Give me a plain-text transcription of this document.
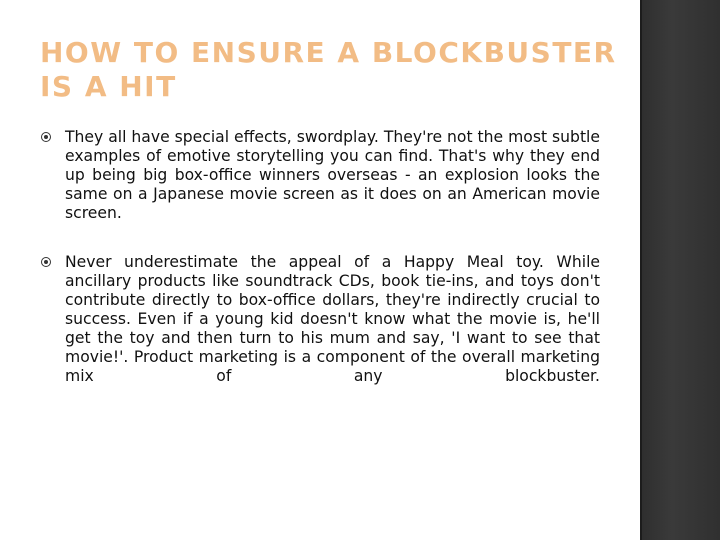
HOW TO ENSURE A BLOCKBUSTER IS A HIT
They all have special effects, swordplay. They're not the most subtle examples of emotive storytelling you can find. That's why they end up being big box-office winners overseas - an explosion looks the same on a Japanese movie screen as it does on an American movie screen.
Never underestimate the appeal of a Happy Meal toy. While ancillary products like soundtrack CDs, book tie-ins, and toys don't contribute directly to box-office dollars, they're indirectly crucial to success. Even if a young kid doesn't know what the movie is, he'll get the toy and then turn to his mum and say, 'I want to see that movie!'. Product marketing is a component of the overall marketing mix of any blockbuster.
